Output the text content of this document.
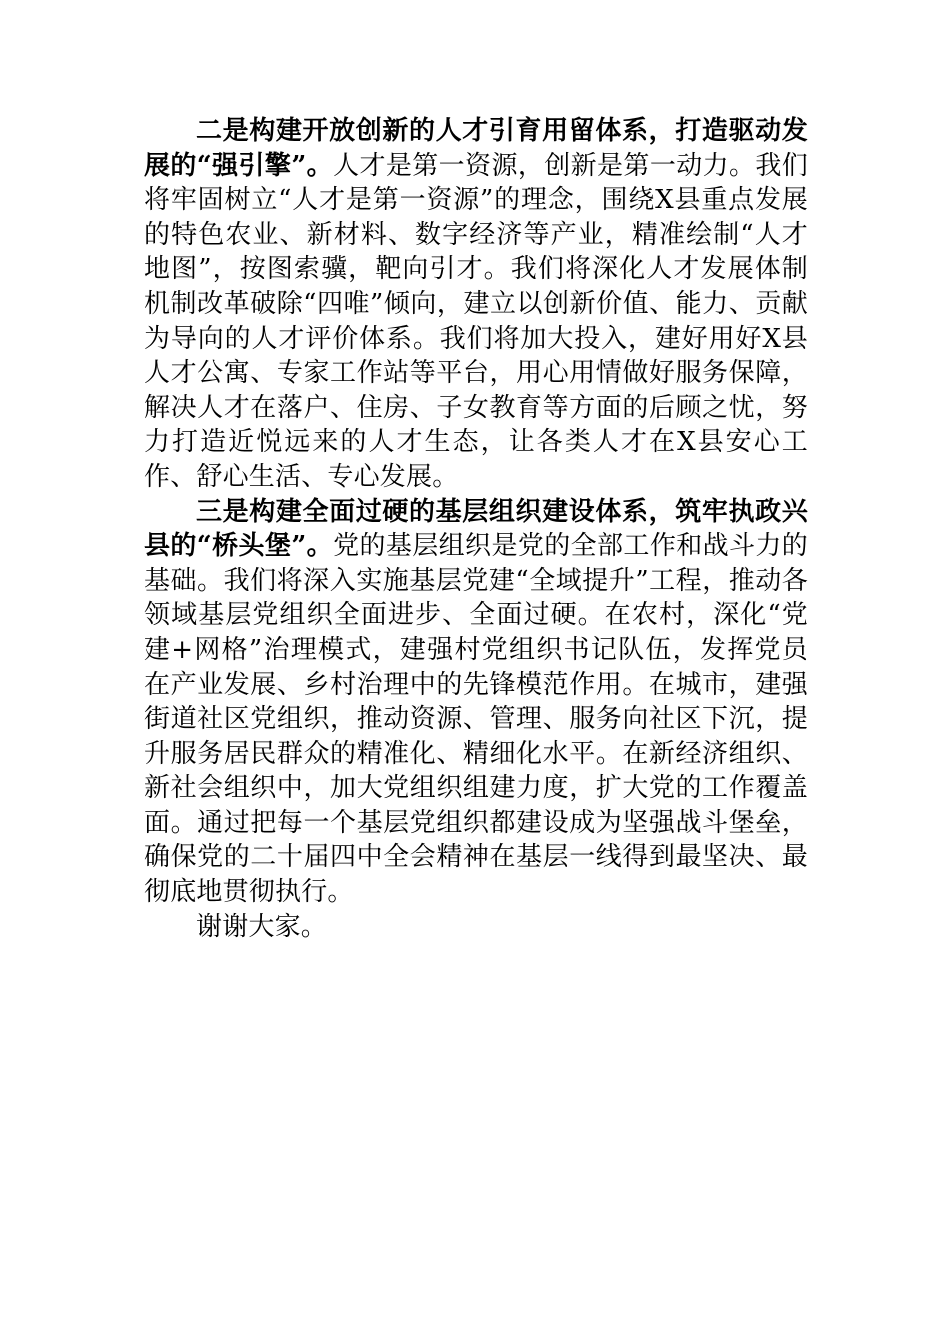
二是构建开放创新的人才引育用留体系，打造驱动发展的“强引擎”。人才是第一资源，创新是第一动力。我们将牢固树立“人才是第一资源”的理念，围绕X县重点发展的特色农业、新材料、数字经济等产业，精准绘制“人才地图”，按图索骥，靶向引才。我们将深化人才发展体制机制改革破除“四唯”倾向，建立以创新价值、能力、贡献为导向的人才评价体系。我们将加大投入，建好用好X县人才公寓、专家工作站等平台，用心用情做好服务保障，解决人才在落户、住房、子女教育等方面的后顾之忧，努力打造近悦远来的人才生态，让各类人才在X县安心工作、舒心生活、专心发展。

三是构建全面过硬的基层组织建设体系，筑牢执政兴县的“桥头堡”。党的基层组织是党的全部工作和战斗力的基础。我们将深入实施基层党建“全域提升”工程，推动各领域基层党组织全面进步、全面过硬。在农村，深化“党建+网格”治理模式，建强村党组织书记队伍，发挥党员在产业发展、乡村治理中的先锋模范作用。在城市，建强街道社区党组织，推动资源、管理、服务向社区下沉，提升服务居民群众的精准化、精细化水平。在新经济组织、新社会组织中，加大党组织组建力度，扩大党的工作覆盖面。通过把每一个基层党组织都建设成为坚强战斗堡垒，确保党的二十届四中全会精神在基层一线得到最坚决、最彻底地贯彻执行。

谢谢大家。
